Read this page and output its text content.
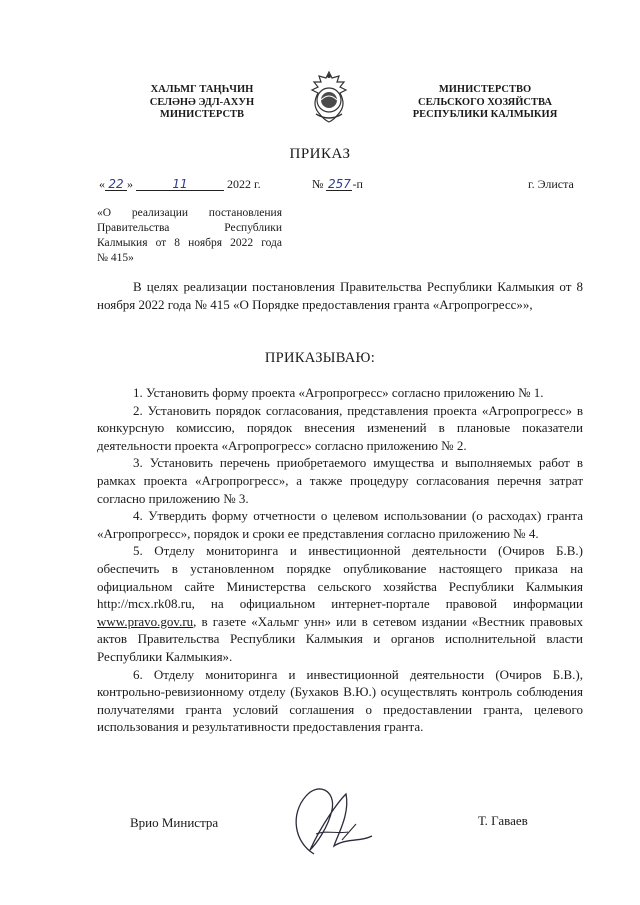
ХАЛЬМГ ТАҢҺЧИН
СЕЛӘНӘ ЭДЛ-АХУН
МИНИСТЕРСТВ
МИНИСТЕРСТВО
СЕЛЬСКОГО ХОЗЯЙСТВА
РЕСПУБЛИКИ КАЛМЫКИЯ
ПРИКАЗ
« 22 »	11	2022 г.	№ 257 -п	г. Элиста
«О реализации постановления
Правительства Республики
Калмыкия от 8 ноября 2022 года
№ 415»
В целях реализации постановления Правительства Республики Калмыкия от 8 ноября 2022 года № 415 «О Порядке предоставления гранта «Агропрогресс»»,
ПРИКАЗЫВАЮ:

1. Установить форму проекта «Агропрогресс» согласно приложению № 1.

2. Установить порядок согласования, представления проекта «Агропрогресс» в конкурсную комиссию, порядок внесения изменений в плановые показатели деятельности проекта «Агропрогресс» согласно приложению № 2.

3. Установить перечень приобретаемого имущества и выполняемых работ в рамках проекта «Агропрогресс», а также процедуру согласования перечня затрат согласно приложению № 3.

4. Утвердить форму отчетности о целевом использовании (о расходах) гранта «Агропрогресс», порядок и сроки ее представления согласно приложению № 4.

5. Отделу мониторинга и инвестиционной деятельности (Очиров Б.В.) обеспечить в установленном порядке опубликование настоящего приказа на официальном сайте Министерства сельского хозяйства Республики Калмыкия http://mcx.rk08.ru, на официальном интернет-портале правовой информации www.pravo.gov.ru, в газете «Хальмг унн» или в сетевом издании «Вестник правовых актов Правительства Республики Калмыкия и органов исполнительной власти Республики Калмыкия».

6. Отделу мониторинга и инвестиционной деятельности (Очиров Б.В.), контрольно-ревизионному отделу (Бухаков В.Ю.) осуществлять контроль соблюдения получателями гранта условий соглашения о предоставлении гранта, целевого использования и результативности предоставления гранта.

Врио Министра	Т. Гаваев
